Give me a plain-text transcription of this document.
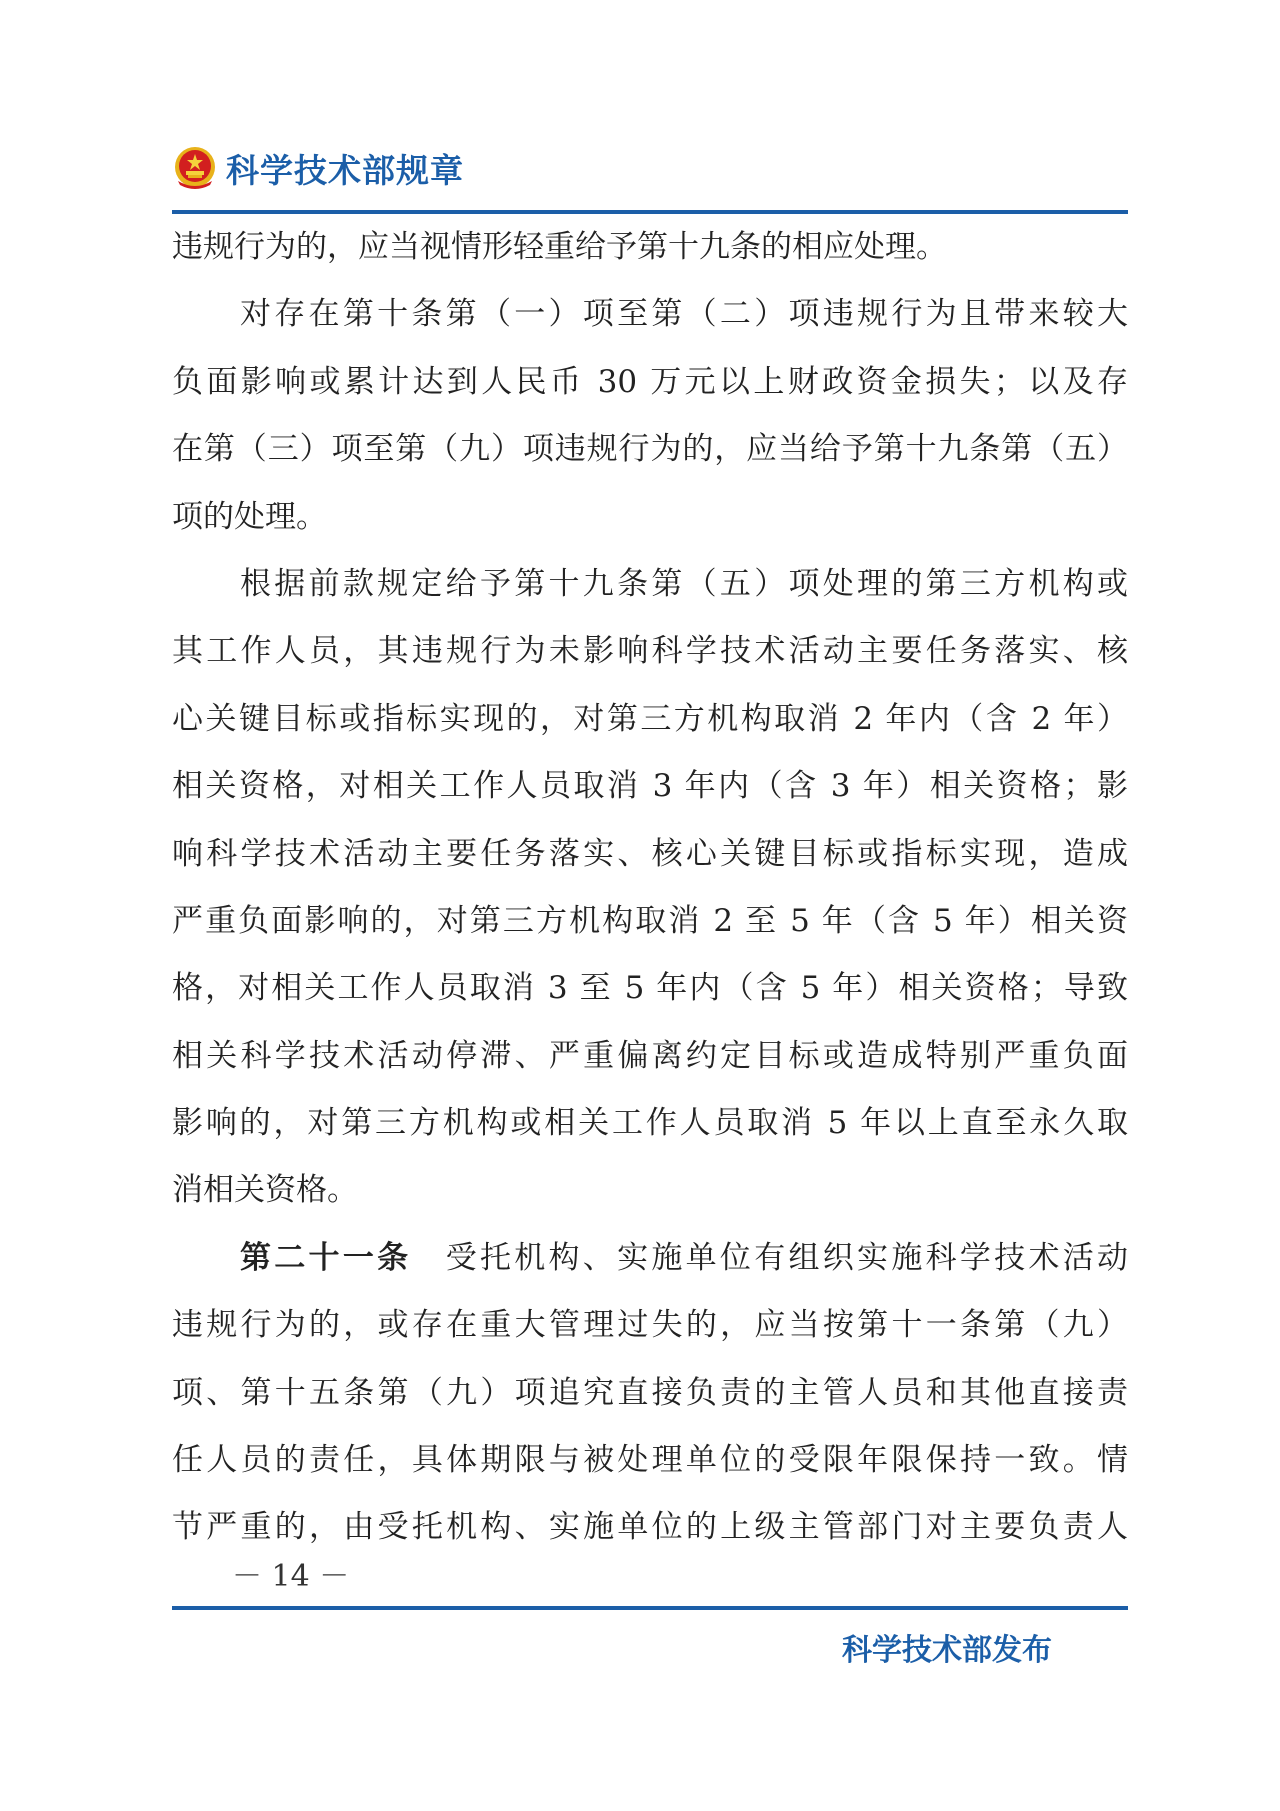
科学技术部规章
违规行为的，应当视情形轻重给予第十九条的相应处理。
对存在第十条第（一）项至第（二）项违规行为且带来较大
负面影响或累计达到人民币 30 万元以上财政资金损失；以及存
在第（三）项至第（九）项违规行为的，应当给予第十九条第（五）
项的处理。
根据前款规定给予第十九条第（五）项处理的第三方机构或
其工作人员，其违规行为未影响科学技术活动主要任务落实、核
心关键目标或指标实现的，对第三方机构取消 2 年内（含 2 年）
相关资格，对相关工作人员取消 3 年内（含 3 年）相关资格；影
响科学技术活动主要任务落实、核心关键目标或指标实现，造成
严重负面影响的，对第三方机构取消 2 至 5 年（含 5 年）相关资
格，对相关工作人员取消 3 至 5 年内（含 5 年）相关资格；导致
相关科学技术活动停滞、严重偏离约定目标或造成特别严重负面
影响的，对第三方机构或相关工作人员取消 5 年以上直至永久取
消相关资格。
第二十一条　 受托机构、实施单位有组织实施科学技术活动
违规行为的，或存在重大管理过失的，应当按第十一条第（九）
项、第十五条第（九）项追究直接负责的主管人员和其他直接责
任人员的责任，具体期限与被处理单位的受限年限保持一致。情
节严重的，由受托机构、实施单位的上级主管部门对主要负责人
－ 14 －
科学技术部发布
